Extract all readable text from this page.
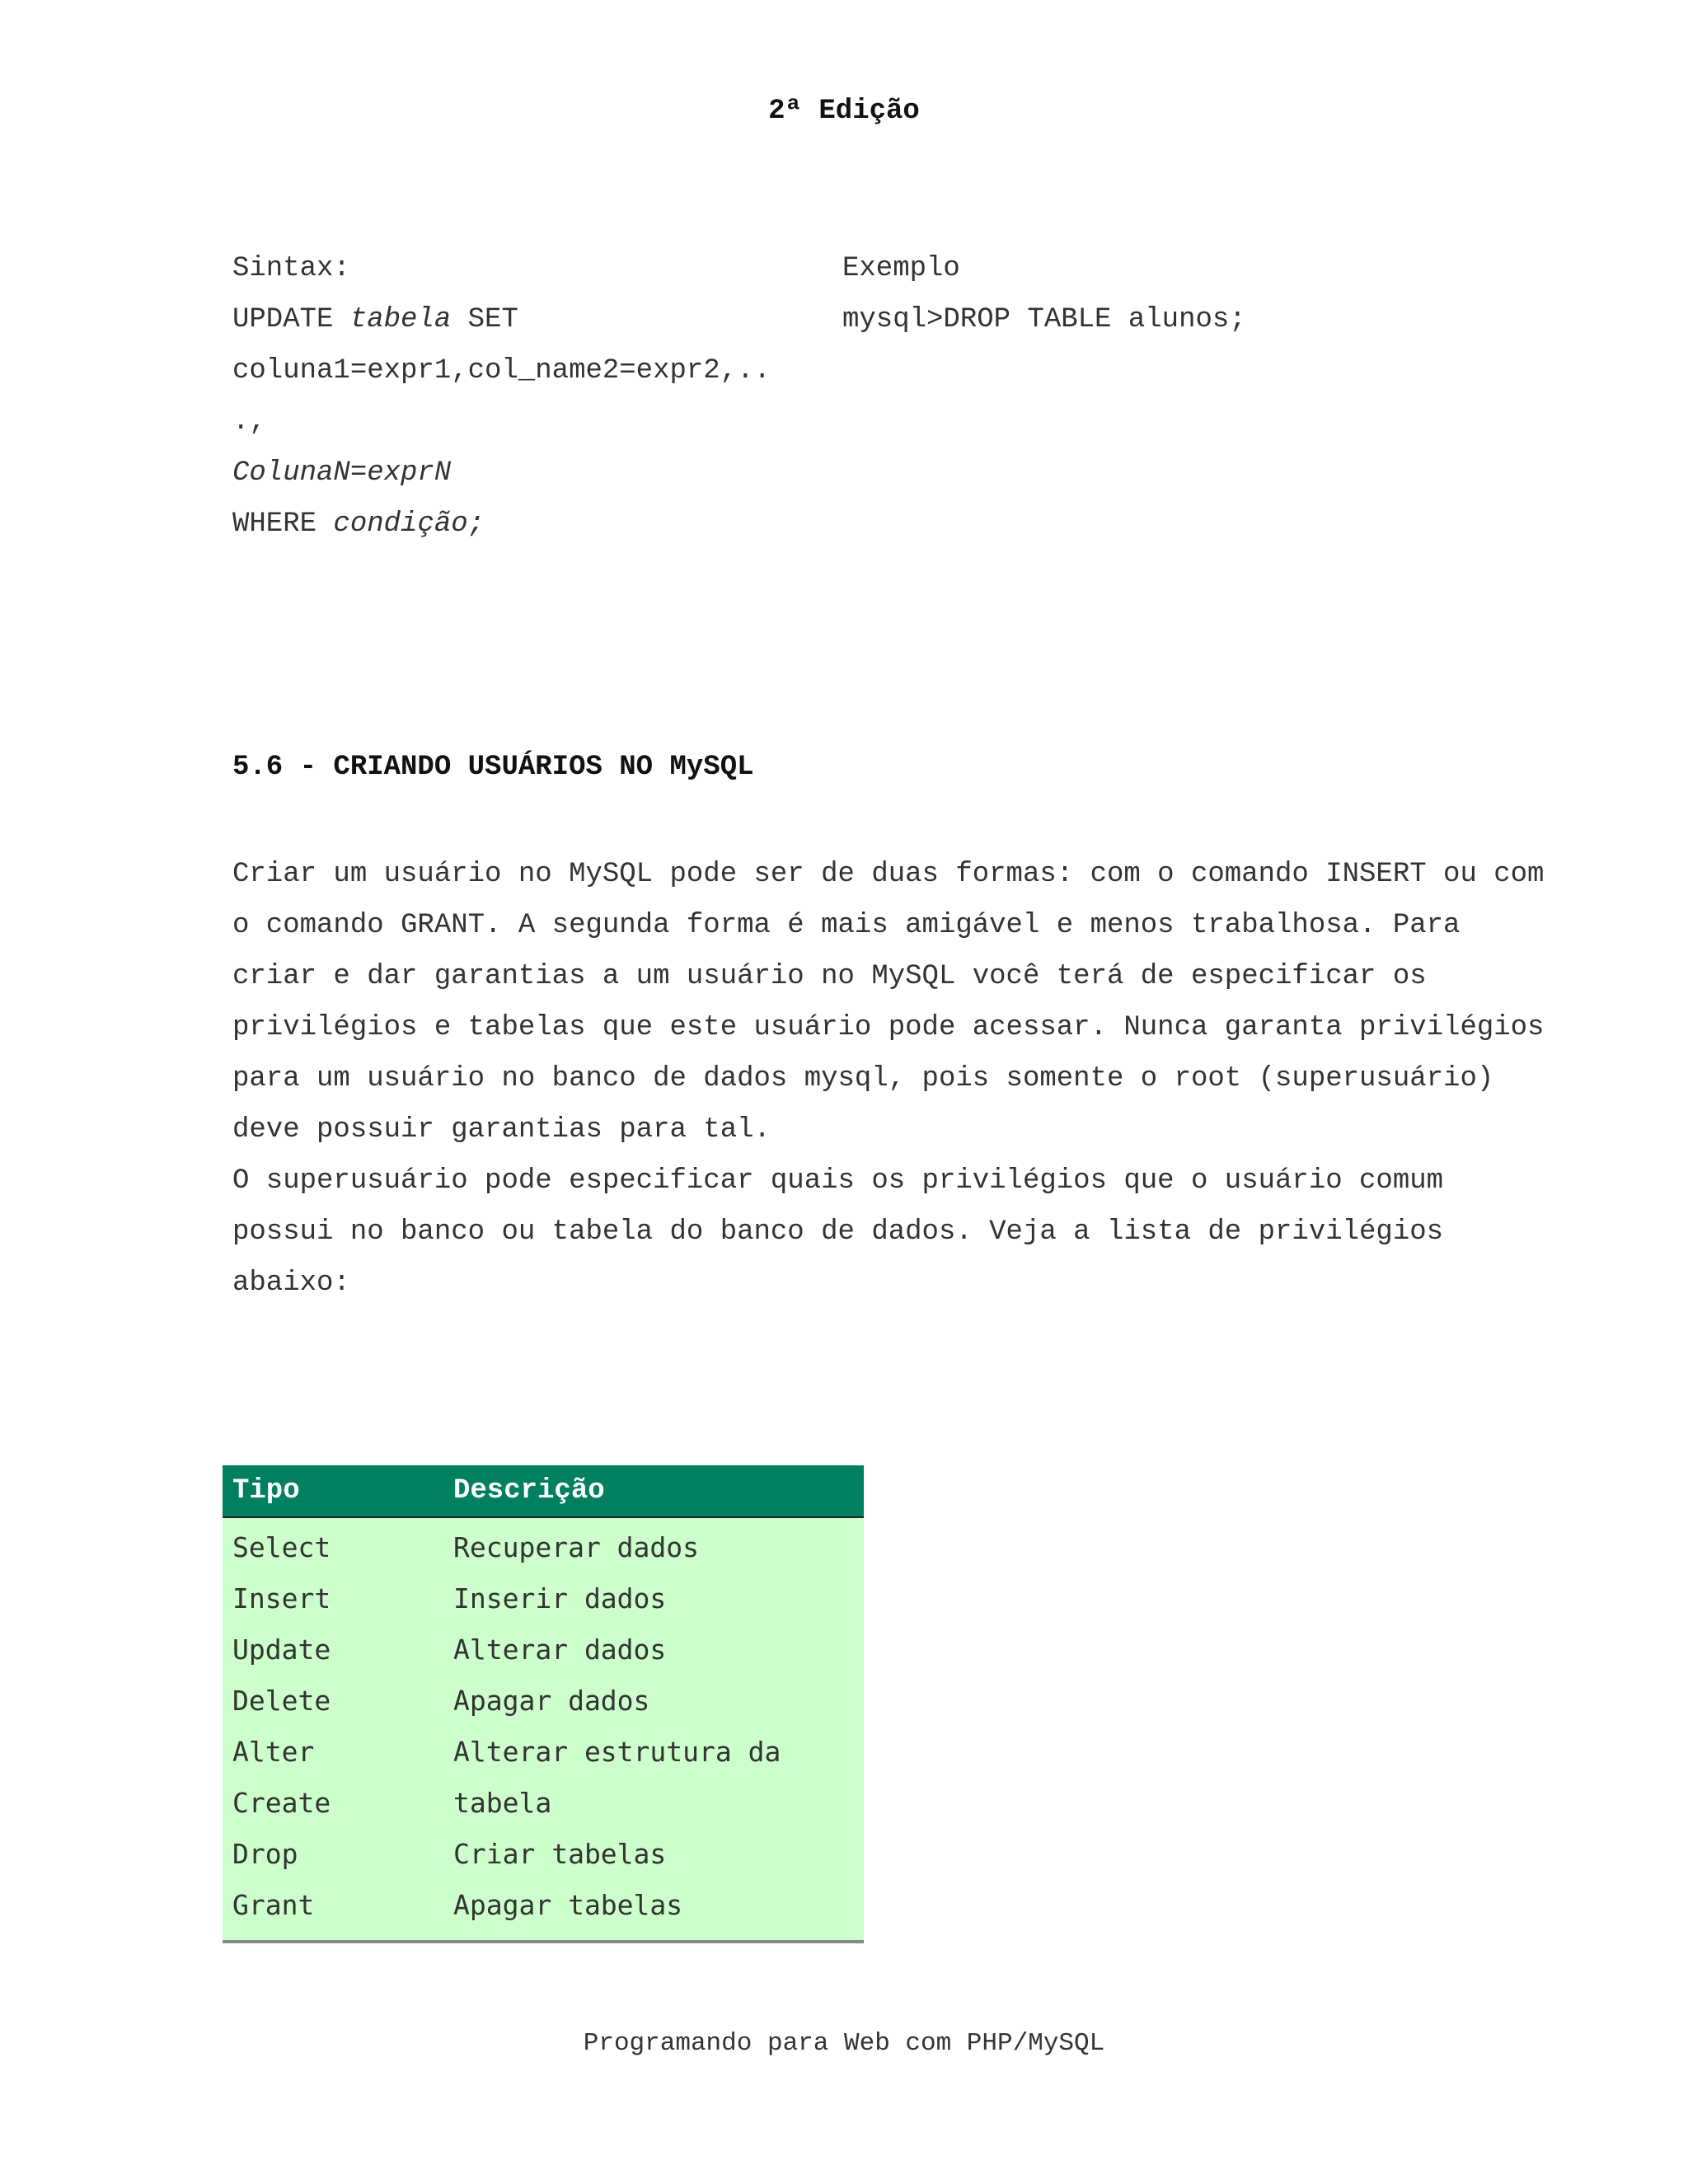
2ª Edição
Sintax:
UPDATE tabela SET
coluna1=expr1,col_name2=expr2,..
.,
ColunaN=exprN
WHERE condição;
Exemplo
mysql>DROP TABLE alunos;
5.6 - CRIANDO USUÁRIOS NO MySQL

Criar um usuário no MySQL pode ser de duas formas: com o comando INSERT ou com o comando GRANT. A segunda forma é mais amigável e menos trabalhosa. Para criar e dar garantias a um usuário no MySQL você terá de especificar os privilégios e tabelas que este usuário pode acessar. Nunca garanta privilégios para um usuário no banco de dados mysql, pois somente o root (superusuário) deve possuir garantias para tal.

O superusuário pode especificar quais os privilégios que o usuário comum possui no banco ou tabela do banco de dados. Veja a lista de privilégios abaixo:

Tipo	Descrição
Select	Recuperar dados
Insert	Inserir dados
Update	Alterar dados
Delete	Apagar dados
Alter	Alterar estrutura da
Create	tabela
Drop	Criar tabelas
Grant	Apagar tabelas
Programando para Web com PHP/MySQL
